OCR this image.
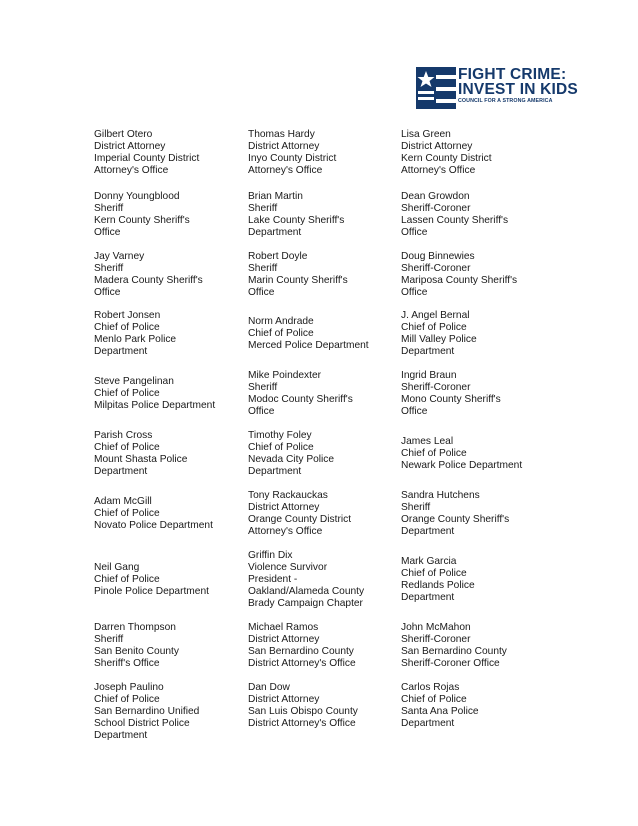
FIGHT CRIME:
INVEST IN KIDS
COUNCIL FOR A STRONG AMERICA
Gilbert Otero
District Attorney
Imperial County District
Attorney's Office
Thomas Hardy
District Attorney
Inyo County District
Attorney's Office
Lisa Green
District Attorney
Kern County District
Attorney's Office
Donny Youngblood
Sheriff
Kern County Sheriff's
Office
Brian Martin
Sheriff
Lake County Sheriff's
Department
Dean Growdon
Sheriff-Coroner
Lassen County Sheriff's
Office
Jay Varney
Sheriff
Madera County Sheriff's
Office
Robert Doyle
Sheriff
Marin County Sheriff's
Office
Doug Binnewies
Sheriff-Coroner
Mariposa County Sheriff's
Office
Robert Jonsen
Chief of Police
Menlo Park Police
Department
Norm Andrade
Chief of Police
Merced Police Department
J. Angel Bernal
Chief of Police
Mill Valley Police
Department
Steve Pangelinan
Chief of Police
Milpitas Police Department
Mike Poindexter
Sheriff
Modoc County Sheriff's
Office
Ingrid Braun
Sheriff-Coroner
Mono County Sheriff's
Office
Parish Cross
Chief of Police
Mount Shasta Police
Department
Timothy Foley
Chief of Police
Nevada City Police
Department
James Leal
Chief of Police
Newark Police Department
Adam McGill
Chief of Police
Novato Police Department
Tony Rackauckas
District Attorney
Orange County District
Attorney's Office
Sandra Hutchens
Sheriff
Orange County Sheriff's
Department
Neil Gang
Chief of Police
Pinole Police Department
Griffin Dix
Violence Survivor
President -
Oakland/Alameda County
Brady Campaign Chapter
Mark Garcia
Chief of Police
Redlands Police
Department
Darren Thompson
Sheriff
San Benito County
Sheriff's Office
Michael Ramos
District Attorney
San Bernardino County
District Attorney's Office
John McMahon
Sheriff-Coroner
San Bernardino County
Sheriff-Coroner Office
Joseph Paulino
Chief of Police
San Bernardino Unified
School District Police
Department
Dan Dow
District Attorney
San Luis Obispo County
District Attorney's Office
Carlos Rojas
Chief of Police
Santa Ana Police
Department
